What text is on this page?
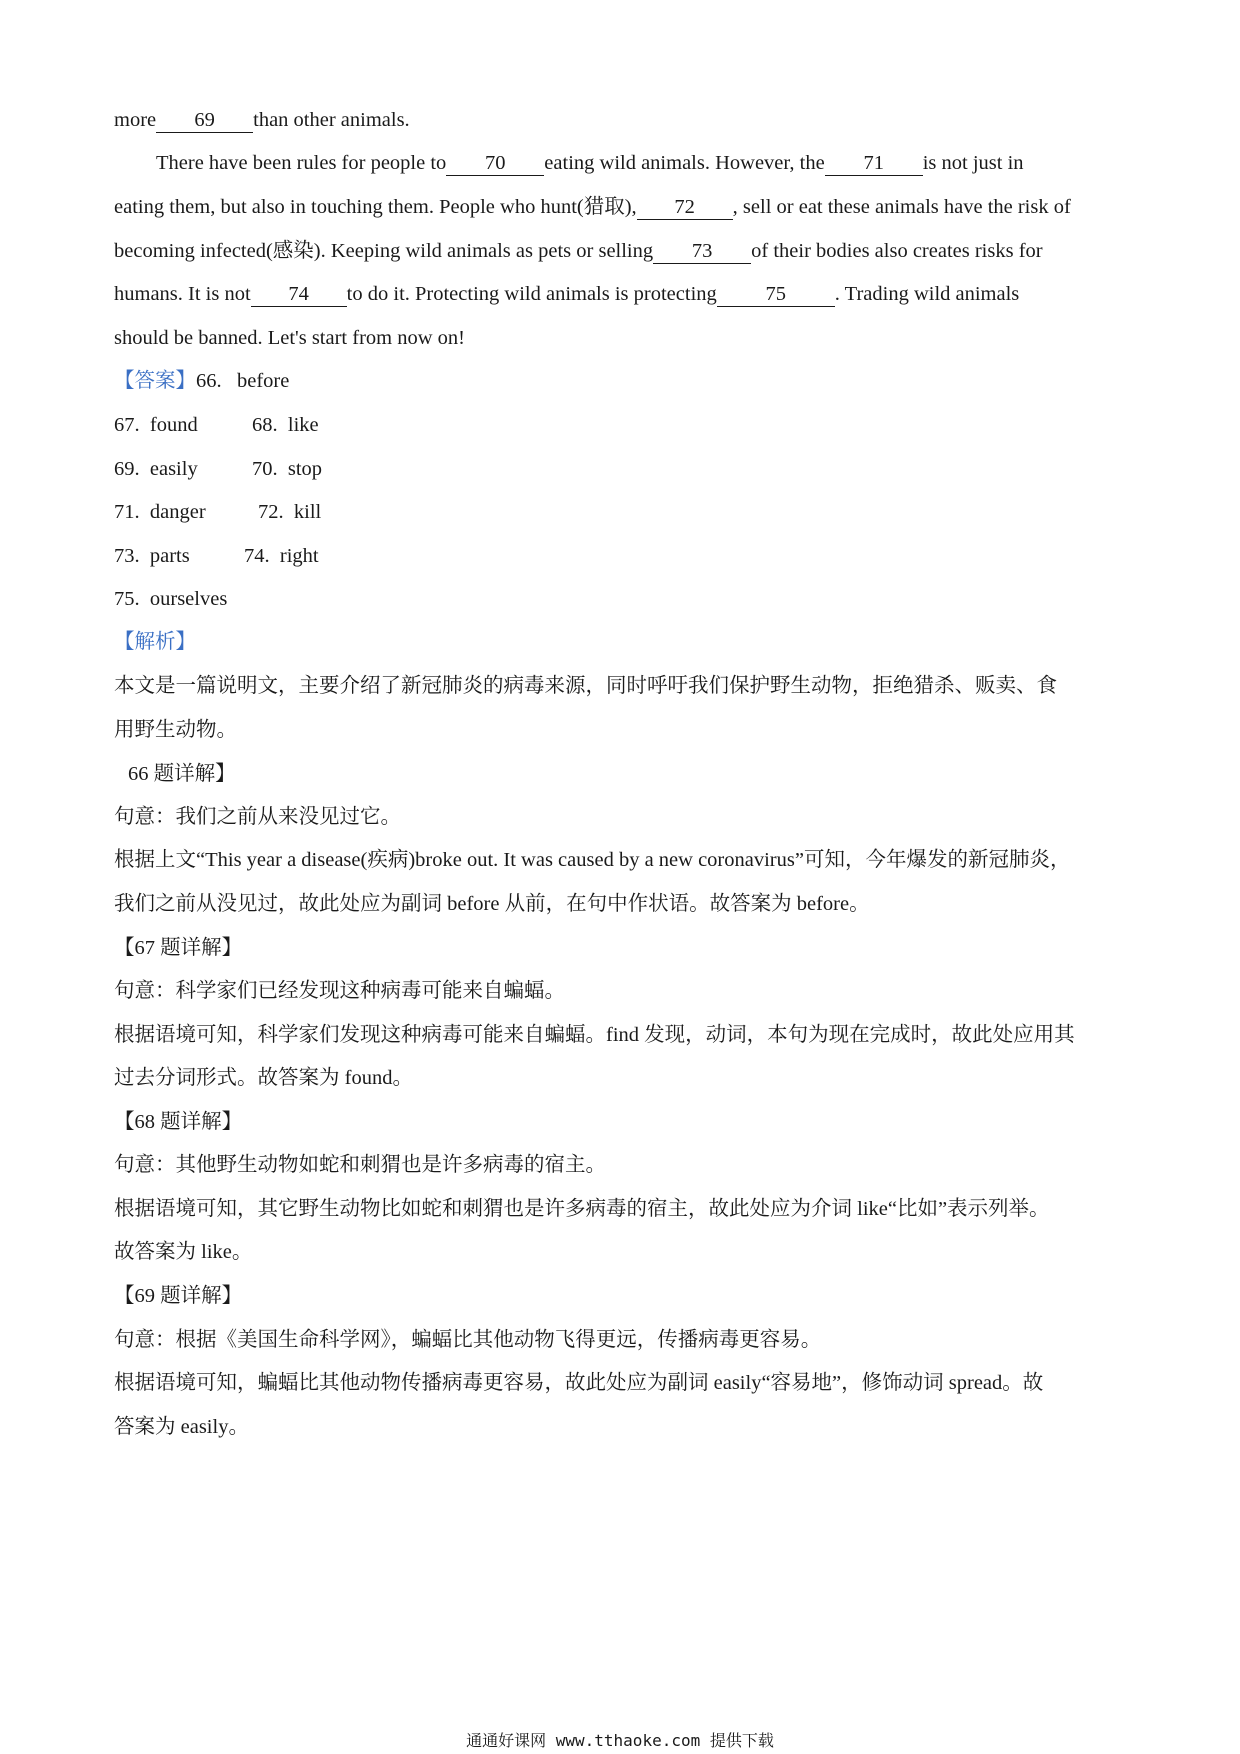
more 69 than other animals.
There have been rules for people to 70 eating wild animals. However, the 71 is not just in
eating them, but also in touching them. People who hunt(猎取), 72 , sell or eat these animals have the risk of
becoming infected(感染). Keeping wild animals as pets or selling 73 of their bodies also creates risks for
humans. It is not 74 to do it. Protecting wild animals is protecting 75 . Trading wild animals
should be banned. Let's start from now on!
【答案】66. before
67. found	68. like
69. easily	70. stop
71. danger	72. kill
73. parts	74. right
75. ourselves
【解析】
本文是一篇说明文，主要介绍了新冠肺炎的病毒来源，同时呼吁我们保护野生动物，拒绝猎杀、贩卖、食
用野生动物。
66 题详解】
句意：我们之前从来没见过它。
根据上文“This year a disease(疾病)broke out. It was caused by a new coronavirus”可知，今年爆发的新冠肺炎，
我们之前从没见过，故此处应为副词 before 从前，在句中作状语。故答案为 before。
【67 题详解】
句意：科学家们已经发现这种病毒可能来自蝙蝠。
根据语境可知，科学家们发现这种病毒可能来自蝙蝠。find 发现，动词，本句为现在完成时，故此处应用其
过去分词形式。故答案为 found。
【68 题详解】
句意：其他野生动物如蛇和刺猬也是许多病毒的宿主。
根据语境可知，其它野生动物比如蛇和刺猬也是许多病毒的宿主，故此处应为介词 like“比如”表示列举。
故答案为 like。
【69 题详解】
句意：根据《美国生命科学网》，蝙蝠比其他动物飞得更远，传播病毒更容易。
根据语境可知，蝙蝠比其他动物传播病毒更容易，故此处应为副词 easily“容易地”，修饰动词 spread。故
答案为 easily。
通通好课网 www.tthaoke.com 提供下载
